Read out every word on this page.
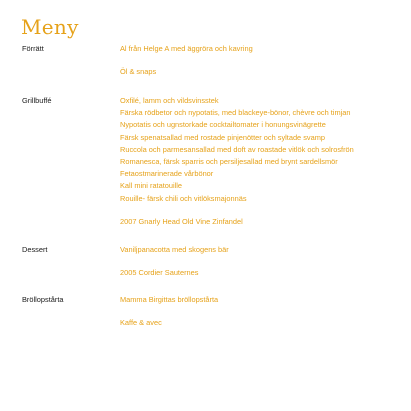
Meny
Förrätt	Al från Helge A med äggröra och kavring
Öl & snaps
Grillbuffé	Oxfilé, lamm och vildsvinsstek
Färska rödbetor och nypotatis, med blackeye-bönor, chèvre och timjan
Nypotatis och ugnstorkade cocktailtomater i honungsvinägrette
Färsk spenatsallad med rostade pinjenötter och syltade svamp
Ruccola och parmesansallad med doft av roastade vitlök och solrosfrön
Romanesca, färsk sparris och persiljesallad med brynt sardellsmör
Fetaostmarinerade vårbönor
Kall mini ratatouille
Rouille- färsk chili och vitlöksmajonnäs
2007 Gnarly Head Old Vine Zinfandel
Dessert	Vaniljpanacotta med skogens bär
2005 Cordier Sauternes
Bröllopstårta	Mamma Birgittas bröllopstårta
Kaffe & avec
